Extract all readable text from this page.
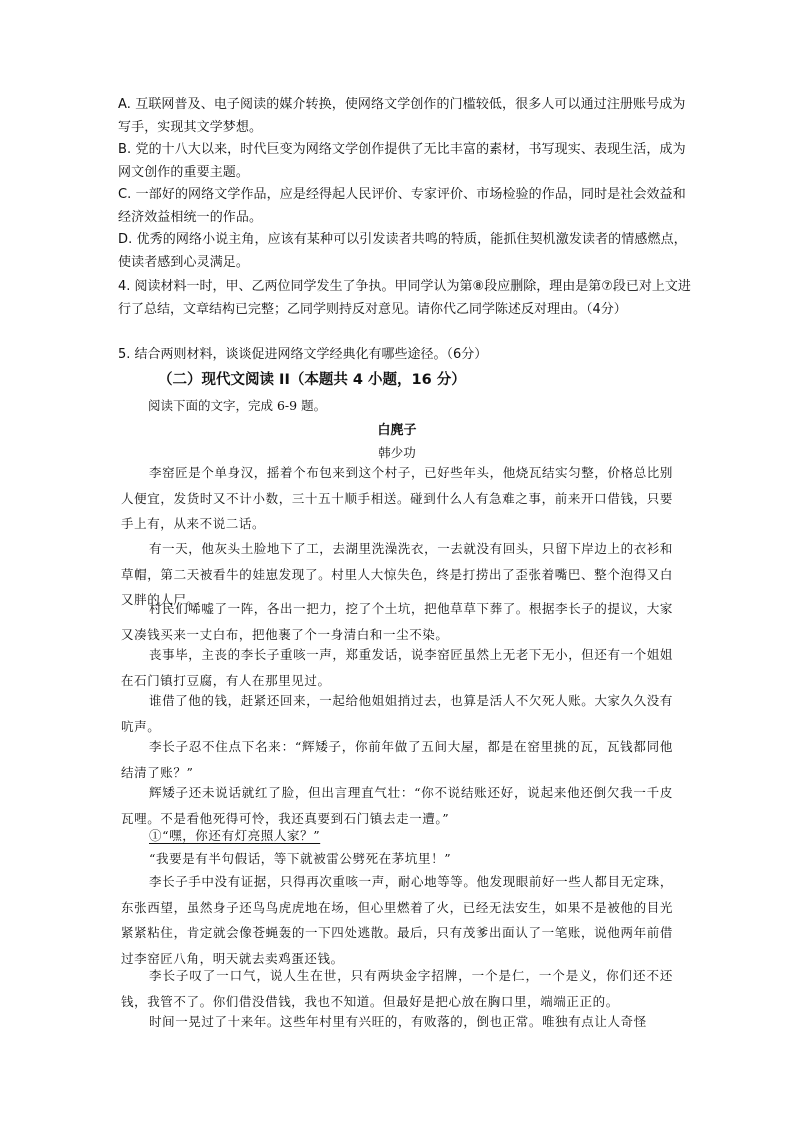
A. 互联网普及、电子阅读的媒介转换，使网络文学创作的门槛较低，很多人可以通过注册账号成为写手，实现其文学梦想。
B. 党的十八大以来，时代巨变为网络文学创作提供了无比丰富的素材，书写现实、表现生活，成为网文创作的重要主题。
C. 一部好的网络文学作品，应是经得起人民评价、专家评价、市场检验的作品，同时是社会效益和经济效益相统一的作品。
D. 优秀的网络小说主角，应该有某种可以引发读者共鸣的特质，能抓住契机激发读者的情感燃点，使读者感到心灵满足。
4. 阅读材料一时，甲、乙两位同学发生了争执。甲同学认为第⑧段应删除，理由是第⑦段已对上文进行了总结，文章结构已完整；乙同学则持反对意见。请你代乙同学陈述反对理由。（4分）
5. 结合两则材料，谈谈促进网络文学经典化有哪些途径。（6分）
（二）现代文阅读 II（本题共 4 小题，16 分）
阅读下面的文字，完成 6-9 题。
白麂子
韩少功
李窑匠是个单身汉，摇着个布包来到这个村子，已好些年头，他烧瓦结实匀整，价格总比别人便宜，发货时又不计小数，三十五十顺手相送。碰到什么人有急难之事，前来开口借钱，只要手上有，从来不说二话。
有一天，他灰头土脸地下了工，去湖里洗澡洗衣，一去就没有回头，只留下岸边上的衣衫和草帽，第二天被看牛的娃崽发现了。村里人大惊失色，终是打捞出了歪张着嘴巴、整个泡得又白又胖的人尸。
村民们唏嘘了一阵，各出一把力，挖了个土坑，把他草草下葬了。根据李长子的提议，大家又凑钱买来一丈白布，把他裹了个一身清白和一尘不染。
丧事毕，主丧的李长子重咳一声，郑重发话，说李窑匠虽然上无老下无小，但还有一个姐姐在石门镇打豆腐，有人在那里见过。
谁借了他的钱，赶紧还回来，一起给他姐姐捎过去，也算是活人不欠死人账。大家久久没有吭声。
李长子忍不住点下名来：“辉矮子，你前年做了五间大屋，都是在窑里挑的瓦，瓦钱都同他结清了账？”
辉矮子还未说话就红了脸，但出言理直气壮：“你不说结账还好，说起来他还倒欠我一千皮瓦哩。不是看他死得可怜，我还真要到石门镇去走一遭。”
①“嘿，你还有灯亮照人家？”
“我要是有半句假话，等下就被雷公劈死在茅坑里！”
李长子手中没有证据，只得再次重咳一声，耐心地等等。他发现眼前好一些人都目无定珠，东张西望，虽然身子还鸟鸟虎虎地在场，但心里燃着了火，已经无法安生，如果不是被他的目光紧紧粘住，肯定就会像苍蝇轰的一下四处逃散。最后，只有茂爹出面认了一笔账，说他两年前借过李窑匠八角，明天就去卖鸡蛋还钱。
李长子叹了一口气，说人生在世，只有两块金字招牌，一个是仁，一个是义，你们还不还钱，我管不了。你们借没借钱，我也不知道。但最好是把心放在胸口里，端端正正的。
时间一晃过了十来年。这些年村里有兴旺的，有败落的，倒也正常。唯独有点让人奇怪
